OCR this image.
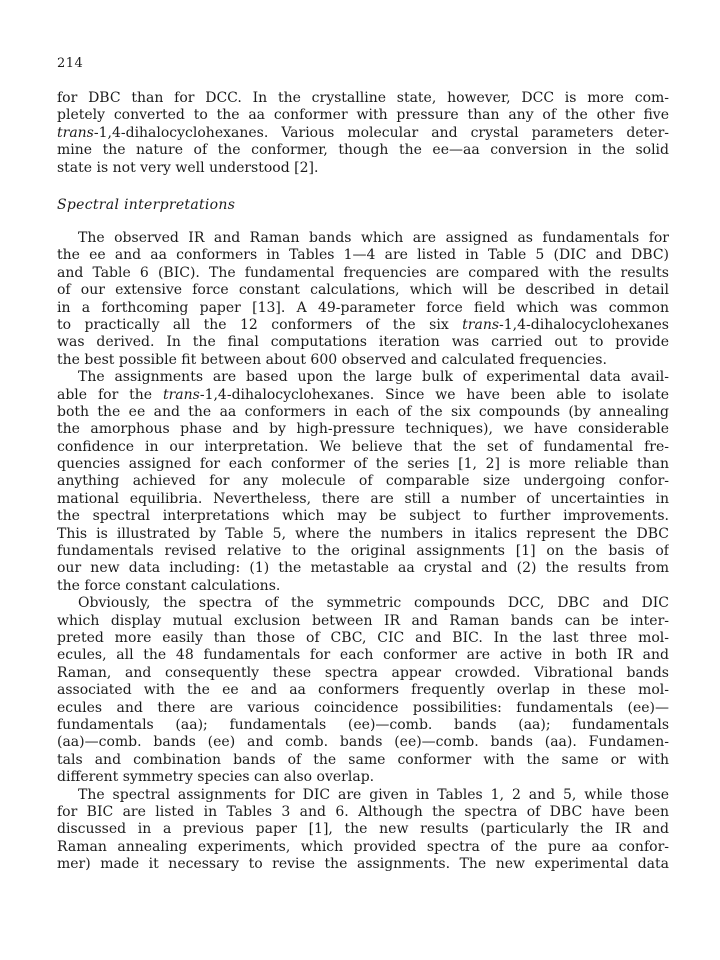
214
for DBC than for DCC. In the crystalline state, however, DCC is more com-
pletely converted to the aa conformer with pressure than any of the other five
trans-1,4-dihalocyclohexanes. Various molecular and crystal parameters deter-
mine the nature of the conformer, though the ee—aa conversion in the solid
state is not very well understood [2].
Spectral interpretations
The observed IR and Raman bands which are assigned as fundamentals for
the ee and aa conformers in Tables 1—4 are listed in Table 5 (DIC and DBC)
and Table 6 (BIC). The fundamental frequencies are compared with the results
of our extensive force constant calculations, which will be described in detail
in a forthcoming paper [13]. A 49-parameter force field which was common
to practically all the 12 conformers of the six trans-1,4-dihalocyclohexanes
was derived. In the final computations iteration was carried out to provide
the best possible fit between about 600 observed and calculated frequencies.
The assignments are based upon the large bulk of experimental data avail-
able for the trans-1,4-dihalocyclohexanes. Since we have been able to isolate
both the ee and the aa conformers in each of the six compounds (by annealing
the amorphous phase and by high-pressure techniques), we have considerable
confidence in our interpretation. We believe that the set of fundamental fre-
quencies assigned for each conformer of the series [1, 2] is more reliable than
anything achieved for any molecule of comparable size undergoing confor-
mational equilibria. Nevertheless, there are still a number of uncertainties in
the spectral interpretations which may be subject to further improvements.
This is illustrated by Table 5, where the numbers in italics represent the DBC
fundamentals revised relative to the original assignments [1] on the basis of
our new data including: (1) the metastable aa crystal and (2) the results from
the force constant calculations.
Obviously, the spectra of the symmetric compounds DCC, DBC and DIC
which display mutual exclusion between IR and Raman bands can be inter-
preted more easily than those of CBC, CIC and BIC. In the last three mol-
ecules, all the 48 fundamentals for each conformer are active in both IR and
Raman, and consequently these spectra appear crowded. Vibrational bands
associated with the ee and aa conformers frequently overlap in these mol-
ecules and there are various coincidence possibilities: fundamentals (ee)—
fundamentals (aa); fundamentals (ee)—comb. bands (aa); fundamentals
(aa)—comb. bands (ee) and comb. bands (ee)—comb. bands (aa). Fundamen-
tals and combination bands of the same conformer with the same or with
different symmetry species can also overlap.
The spectral assignments for DIC are given in Tables 1, 2 and 5, while those
for BIC are listed in Tables 3 and 6. Although the spectra of DBC have been
discussed in a previous paper [1], the new results (particularly the IR and
Raman annealing experiments, which provided spectra of the pure aa confor-
mer) made it necessary to revise the assignments. The new experimental data
